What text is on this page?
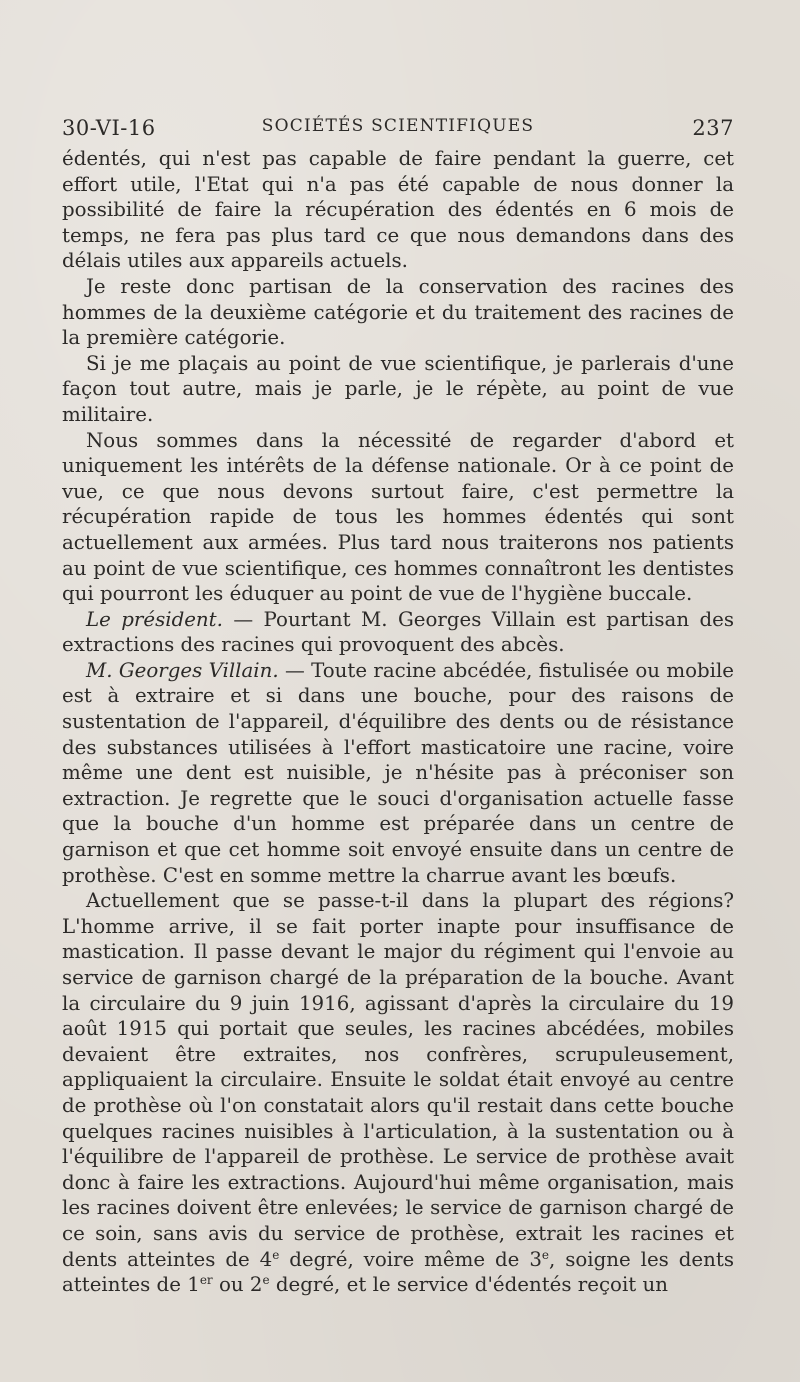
30-VI-16	SOCIÉTÉS SCIENTIFIQUES	237

édentés, qui n'est pas capable de faire pendant la guerre, cet effort utile, l'Etat qui n'a pas été capable de nous donner la possibilité de faire la récupération des édentés en 6 mois de temps, ne fera pas plus tard ce que nous demandons dans des délais utiles aux appareils actuels.

Je reste donc partisan de la conservation des racines des hommes de la deuxième catégorie et du traitement des racines de la première catégorie.

Si je me plaçais au point de vue scientifique, je parlerais d'une façon tout autre, mais je parle, je le répète, au point de vue militaire.

Nous sommes dans la nécessité de regarder d'abord et uniquement les intérêts de la défense nationale. Or à ce point de vue, ce que nous devons surtout faire, c'est permettre la récupération rapide de tous les hommes édentés qui sont actuellement aux armées. Plus tard nous traiterons nos patients au point de vue scientifique, ces hommes connaîtront les dentistes qui pourront les éduquer au point de vue de l'hygiène buccale.

Le président. — Pourtant M. Georges Villain est partisan des extractions des racines qui provoquent des abcès.

M. Georges Villain. — Toute racine abcédée, fistulisée ou mobile est à extraire et si dans une bouche, pour des raisons de sustentation de l'appareil, d'équilibre des dents ou de résistance des substances utilisées à l'effort masticatoire une racine, voire même une dent est nuisible, je n'hésite pas à préconiser son extraction. Je regrette que le souci d'organisation actuelle fasse que la bouche d'un homme est préparée dans un centre de garnison et que cet homme soit envoyé ensuite dans un centre de prothèse. C'est en somme mettre la charrue avant les bœufs.

Actuellement que se passe-t-il dans la plupart des régions? L'homme arrive, il se fait porter inapte pour insuffisance de mastication. Il passe devant le major du régiment qui l'envoie au service de garnison chargé de la préparation de la bouche. Avant la circulaire du 9 juin 1916, agissant d'après la circulaire du 19 août 1915 qui portait que seules, les racines abcédées, mobiles devaient être extraites, nos confrères, scrupuleusement, appliquaient la circulaire. Ensuite le soldat était envoyé au centre de prothèse où l'on constatait alors qu'il restait dans cette bouche quelques racines nuisibles à l'articulation, à la sustentation ou à l'équilibre de l'appareil de prothèse. Le service de prothèse avait donc à faire les extractions. Aujourd'hui même organisation, mais les racines doivent être enlevées; le service de garnison chargé de ce soin, sans avis du service de prothèse, extrait les racines et dents atteintes de 4e degré, voire même de 3e, soigne les dents atteintes de 1er ou 2e degré, et le service d'édentés reçoit un
